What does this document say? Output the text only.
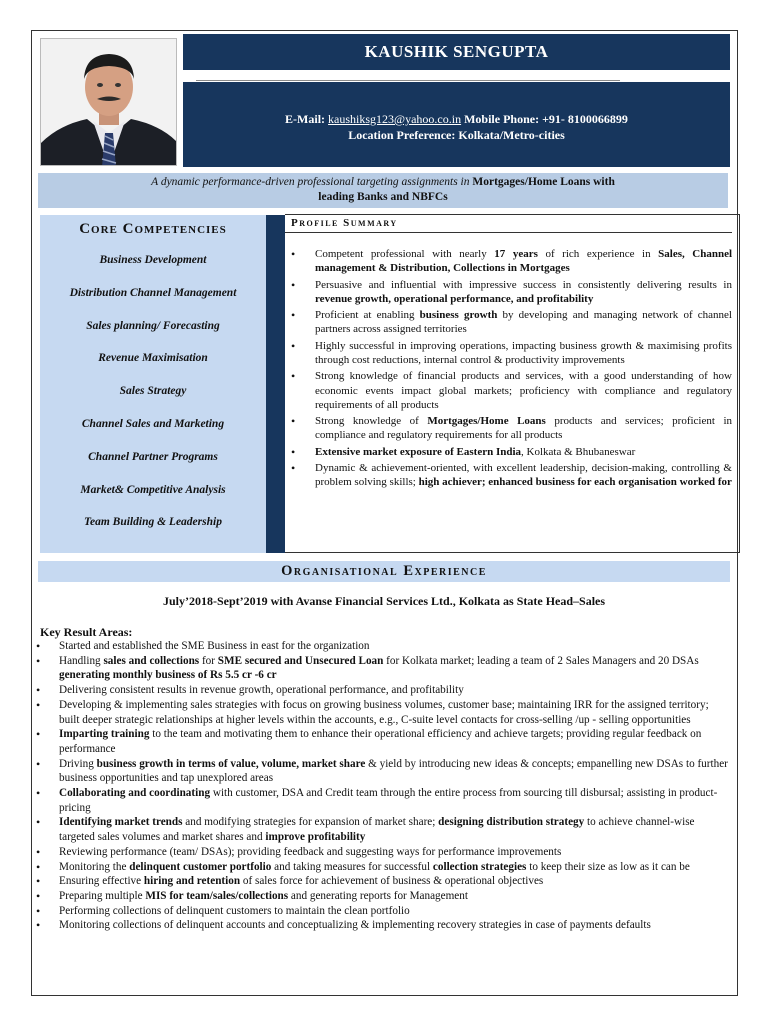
KAUSHIK SENGUPTA
E-Mail: kaushiksg123@yahoo.co.in Mobile Phone: +91- 8100066899
Location Preference: Kolkata/Metro-cities
A dynamic performance-driven professional targeting assignments in Mortgages/Home Loans with
leading Banks and NBFCs
Core Competencies
Business Development
Distribution Channel Management
Sales planning/ Forecasting
Revenue Maximisation
Sales Strategy
Channel Sales and Marketing
Channel Partner Programs
Market& Competitive Analysis
Team Building & Leadership
Profile Summary
• Competent professional with nearly 17 years of rich experience in Sales, Channel management & Distribution, Collections in Mortgages
• Persuasive and influential with impressive success in consistently delivering results in revenue growth, operational performance, and profitability
• Proficient at enabling business growth by developing and managing network of channel partners across assigned territories
• Highly successful in improving operations, impacting business growth & maximising profits through cost reductions, internal control & productivity improvements
• Strong knowledge of financial products and services, with a good understanding of how economic events impact global markets; proficiency with compliance and regulatory requirements of all products
• Strong knowledge of Mortgages/Home Loans products and services; proficient in compliance and regulatory requirements for all products
• Extensive market exposure of Eastern India, Kolkata & Bhubaneswar
• Dynamic & achievement-oriented, with excellent leadership, decision-making, controlling & problem solving skills; high achiever; enhanced business for each organisation worked for
Organisational Experience
July’2018-Sept’2019 with Avanse Financial Services Ltd., Kolkata as State Head–Sales
Key Result Areas:
• Started and established the SME Business in east for the organization
• Handling sales and collections for SME secured and Unsecured Loan for Kolkata market; leading a team of 2 Sales Managers and 20 DSAs generating monthly business of Rs 5.5 cr -6 cr
• Delivering consistent results in revenue growth, operational performance, and profitability
• Developing & implementing sales strategies with focus on growing business volumes, customer base; maintaining IRR for the assigned territory; built deeper strategic relationships at higher levels within the accounts, e.g., C-suite level contacts for cross-selling /up - selling opportunities
• Imparting training to the team and motivating them to enhance their operational efficiency and achieve targets; providing regular feedback on performance
• Driving business growth in terms of value, volume, market share & yield by introducing new ideas & concepts; empanelling new DSAs to further business opportunities and tap unexplored areas
• Collaborating and coordinating with customer, DSA and Credit team through the entire process from sourcing till disbursal; assisting in product-pricing
• Identifying market trends and modifying strategies for expansion of market share; designing distribution strategy to achieve channel-wise targeted sales volumes and market shares and improve profitability
• Reviewing performance (team/ DSAs); providing feedback and suggesting ways for performance improvements
• Monitoring the delinquent customer portfolio and taking measures for successful collection strategies to keep their size as low as it can be
• Ensuring effective hiring and retention of sales force for achievement of business & operational objectives
• Preparing multiple MIS for team/sales/collections and generating reports for Management
• Performing collections of delinquent customers to maintain the clean portfolio
• Monitoring collections of delinquent accounts and conceptualizing & implementing recovery strategies in case of payments defaults
